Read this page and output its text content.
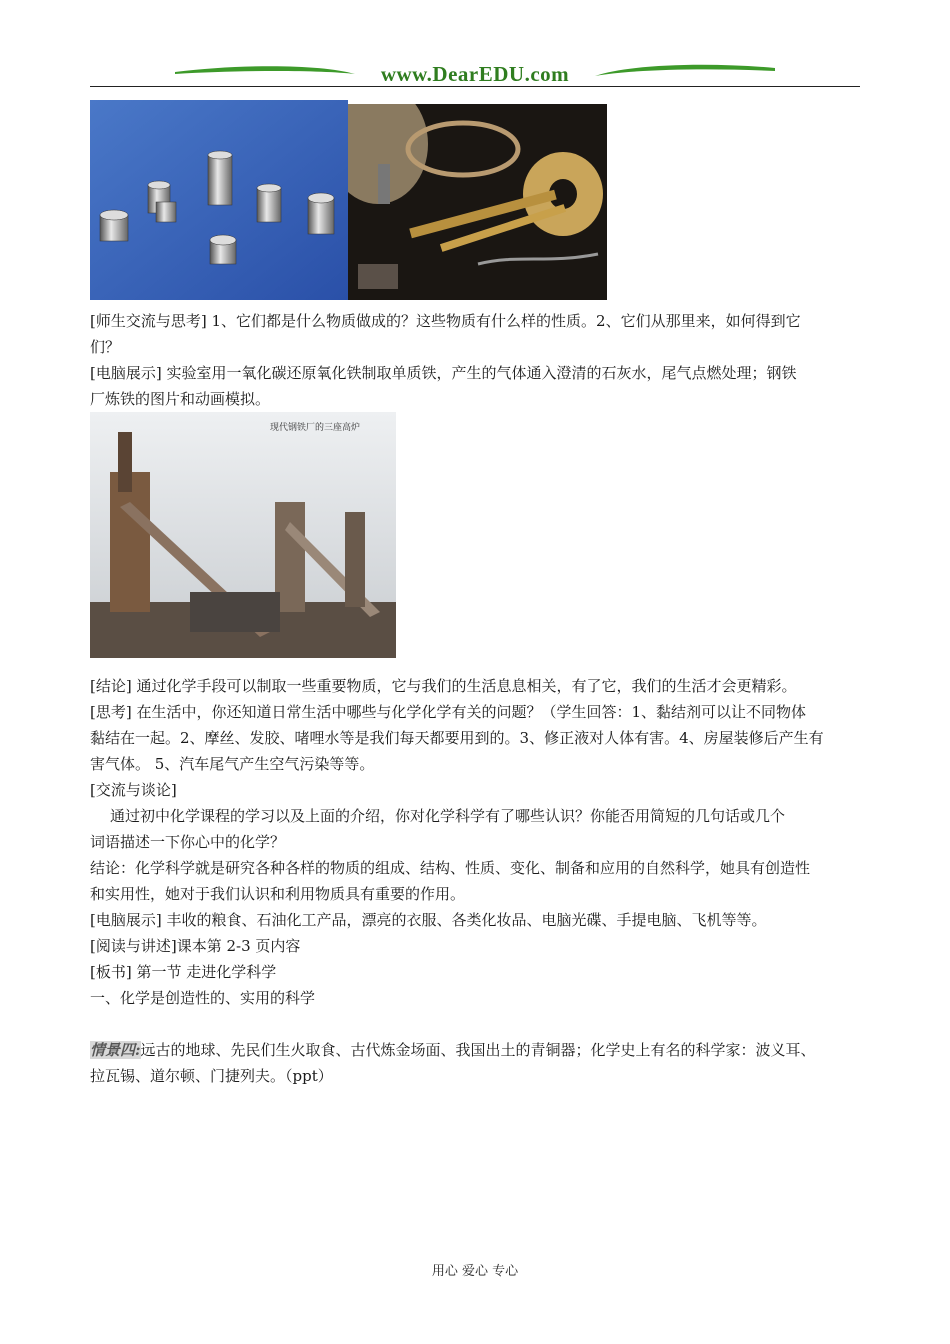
www.DearEDU.com
[师生交流与思考] 1、它们都是什么物质做成的？这些物质有什么样的性质。2、它们从那里来，如何得到它
们？
[电脑展示] 实验室用一氧化碳还原氧化铁制取单质铁，产生的气体通入澄清的石灰水，尾气点燃处理；钢铁
厂炼铁的图片和动画模拟。
现代钢铁厂的三座高炉
[结论] 通过化学手段可以制取一些重要物质，它与我们的生活息息相关，有了它，我们的生活才会更精彩。
[思考] 在生活中，你还知道日常生活中哪些与化学化学有关的问题？（学生回答：1、黏结剂可以让不同物体
黏结在一起。2、摩丝、发胶、啫哩水等是我们每天都要用到的。3、修正液对人体有害。4、房屋装修后产生有
害气体。 5、汽车尾气产生空气污染等等。
[交流与谈论]
通过初中化学课程的学习以及上面的介绍，你对化学科学有了哪些认识？你能否用简短的几句话或几个
词语描述一下你心中的化学？
结论：化学科学就是研究各种各样的物质的组成、结构、性质、变化、制备和应用的自然科学，她具有创造性
和实用性，她对于我们认识和利用物质具有重要的作用。
[电脑展示] 丰收的粮食、石油化工产品，漂亮的衣服、各类化妆品、电脑光碟、手提电脑、飞机等等。
[阅读与讲述]课本第 2-3 页内容
[板书] 第一节 走进化学科学
一、化学是创造性的、实用的科学
情景四:远古的地球、先民们生火取食、古代炼金场面、我国出土的青铜器；化学史上有名的科学家：波义耳、
拉瓦锡、道尔顿、门捷列夫。（ppt）
用心 爱心 专心
